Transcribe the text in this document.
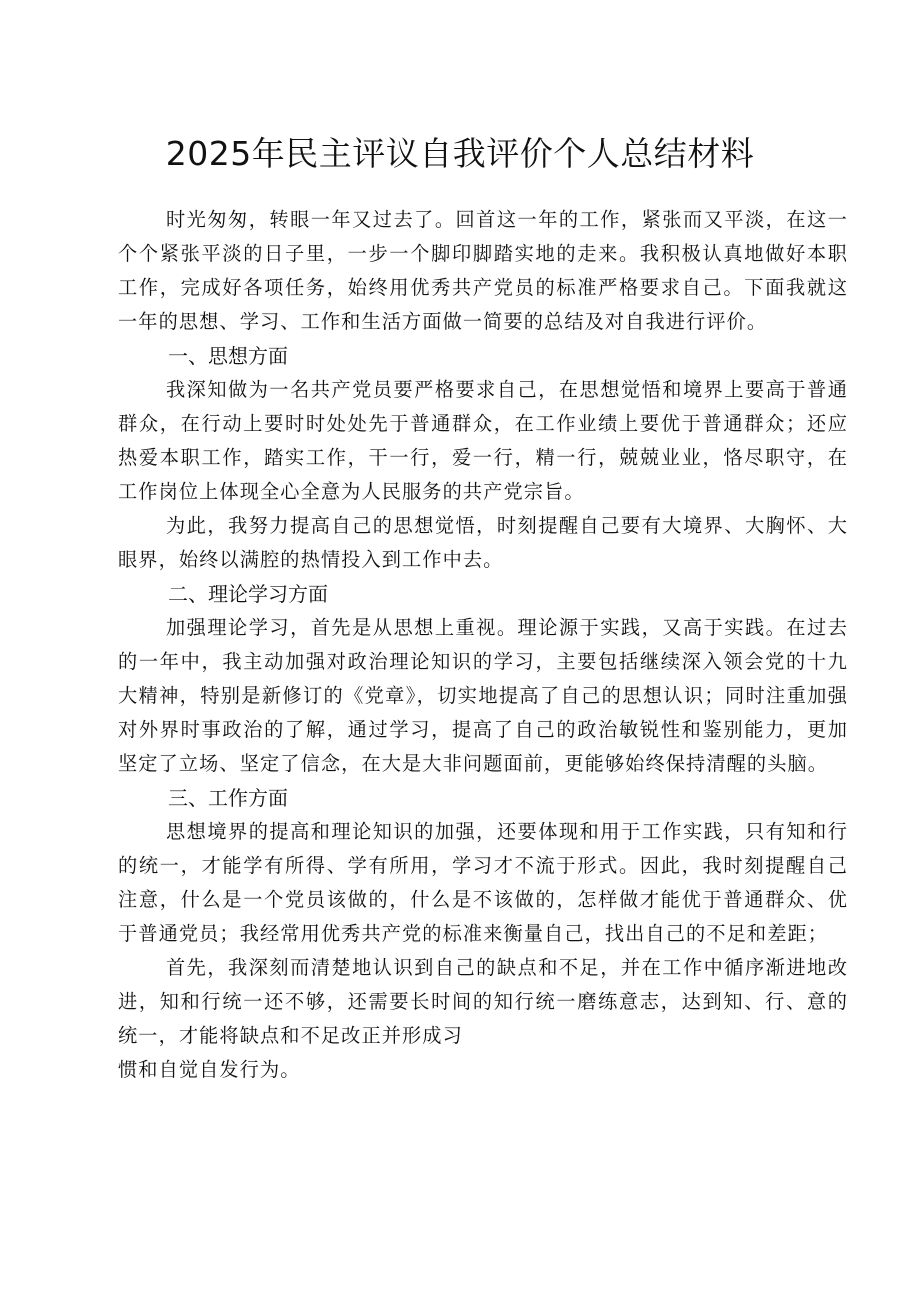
2025年民主评议自我评价个人总结材料

时光匆匆，转眼一年又过去了。回首这一年的工作，紧张而又平淡，在这一个个紧张平淡的日子里，一步一个脚印脚踏实地的走来。我积极认真地做好本职工作，完成好各项任务，始终用优秀共产党员的标准严格要求自己。下面我就这一年的思想、学习、工作和生活方面做一简要的总结及对自我进行评价。

一、思想方面

我深知做为一名共产党员要严格要求自己，在思想觉悟和境界上要高于普通群众，在行动上要时时处处先于普通群众，在工作业绩上要优于普通群众；还应热爱本职工作，踏实工作，干一行，爱一行，精一行，兢兢业业，恪尽职守，在工作岗位上体现全心全意为人民服务的共产党宗旨。

为此，我努力提高自己的思想觉悟，时刻提醒自己要有大境界、大胸怀、大眼界，始终以满腔的热情投入到工作中去。

二、理论学习方面

加强理论学习，首先是从思想上重视。理论源于实践，又高于实践。在过去的一年中，我主动加强对政治理论知识的学习，主要包括继续深入领会党的十九大精神，特别是新修订的《党章》，切实地提高了自己的思想认识；同时注重加强对外界时事政治的了解，通过学习，提高了自己的政治敏锐性和鉴别能力，更加坚定了立场、坚定了信念，在大是大非问题面前，更能够始终保持清醒的头脑。

三、工作方面

思想境界的提高和理论知识的加强，还要体现和用于工作实践，只有知和行的统一，才能学有所得、学有所用，学习才不流于形式。因此，我时刻提醒自己注意，什么是一个党员该做的，什么是不该做的，怎样做才能优于普通群众、优于普通党员；我经常用优秀共产党的标准来衡量自己，找出自己的不足和差距；

首先，我深刻而清楚地认识到自己的缺点和不足，并在工作中循序渐进地改进，知和行统一还不够，还需要长时间的知行统一磨练意志，达到知、行、意的统一，才能将缺点和不足改正并形成习

惯和自觉自发行为。
